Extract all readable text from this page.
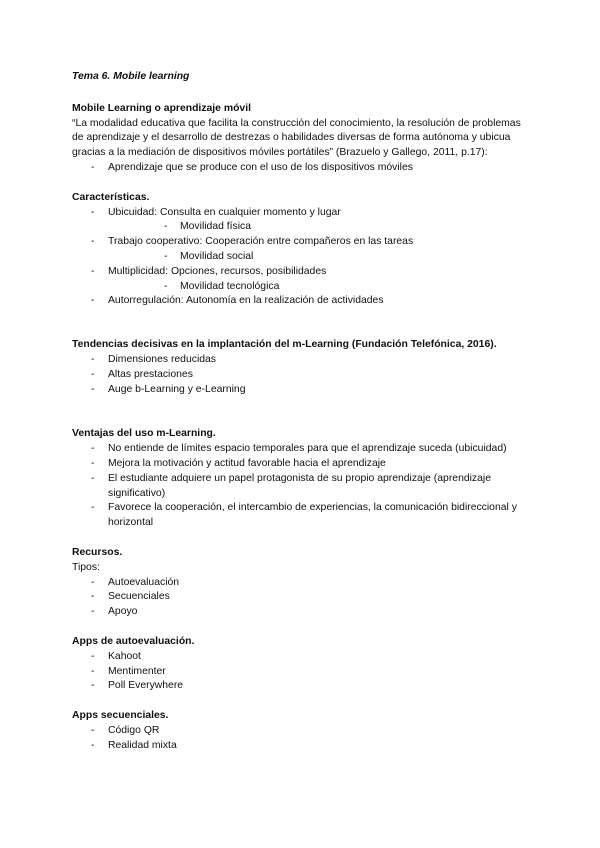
Tema 6. Mobile learning

Mobile Learning o aprendizaje móvil

“La modalidad educativa que facilita la construcción del conocimiento, la resolución de problemas de aprendizaje y el desarrollo de destrezas o habilidades diversas de forma autónoma y ubicua gracias a la mediación de dispositivos móviles portátiles” (Brazuelo y Gallego, 2011, p.17):

- Aprendizaje que se produce con el uso de los dispositivos móviles

Características.

- Ubicuidad: Consulta en cualquier momento y lugar
- Movilidad física
- Trabajo cooperativo: Cooperación entre compañeros en las tareas
- Movilidad social
- Multiplicidad: Opciones, recursos, posibilidades
- Movilidad tecnológica
- Autorregulación: Autonomía en la realización de actividades

Tendencias decisivas en la implantación del m-Learning (Fundación Telefónica, 2016).

- Dimensiones reducidas
- Altas prestaciones
- Auge b-Learning y e-Learning

Ventajas del uso m-Learning.

- No entiende de límites espacio temporales para que el aprendizaje suceda (ubicuidad)
- Mejora la motivación y actitud favorable hacia el aprendizaje
- El estudiante adquiere un papel protagonista de su propio aprendizaje (aprendizaje significativo)
- Favorece la cooperación, el intercambio de experiencias, la comunicación bidireccional y horizontal

Recursos.

Tipos:

- Autoevaluación
- Secuenciales
- Apoyo

Apps de autoevaluación.

- Kahoot
- Mentimenter
- Poll Everywhere

Apps secuenciales.

- Código QR
- Realidad mixta
